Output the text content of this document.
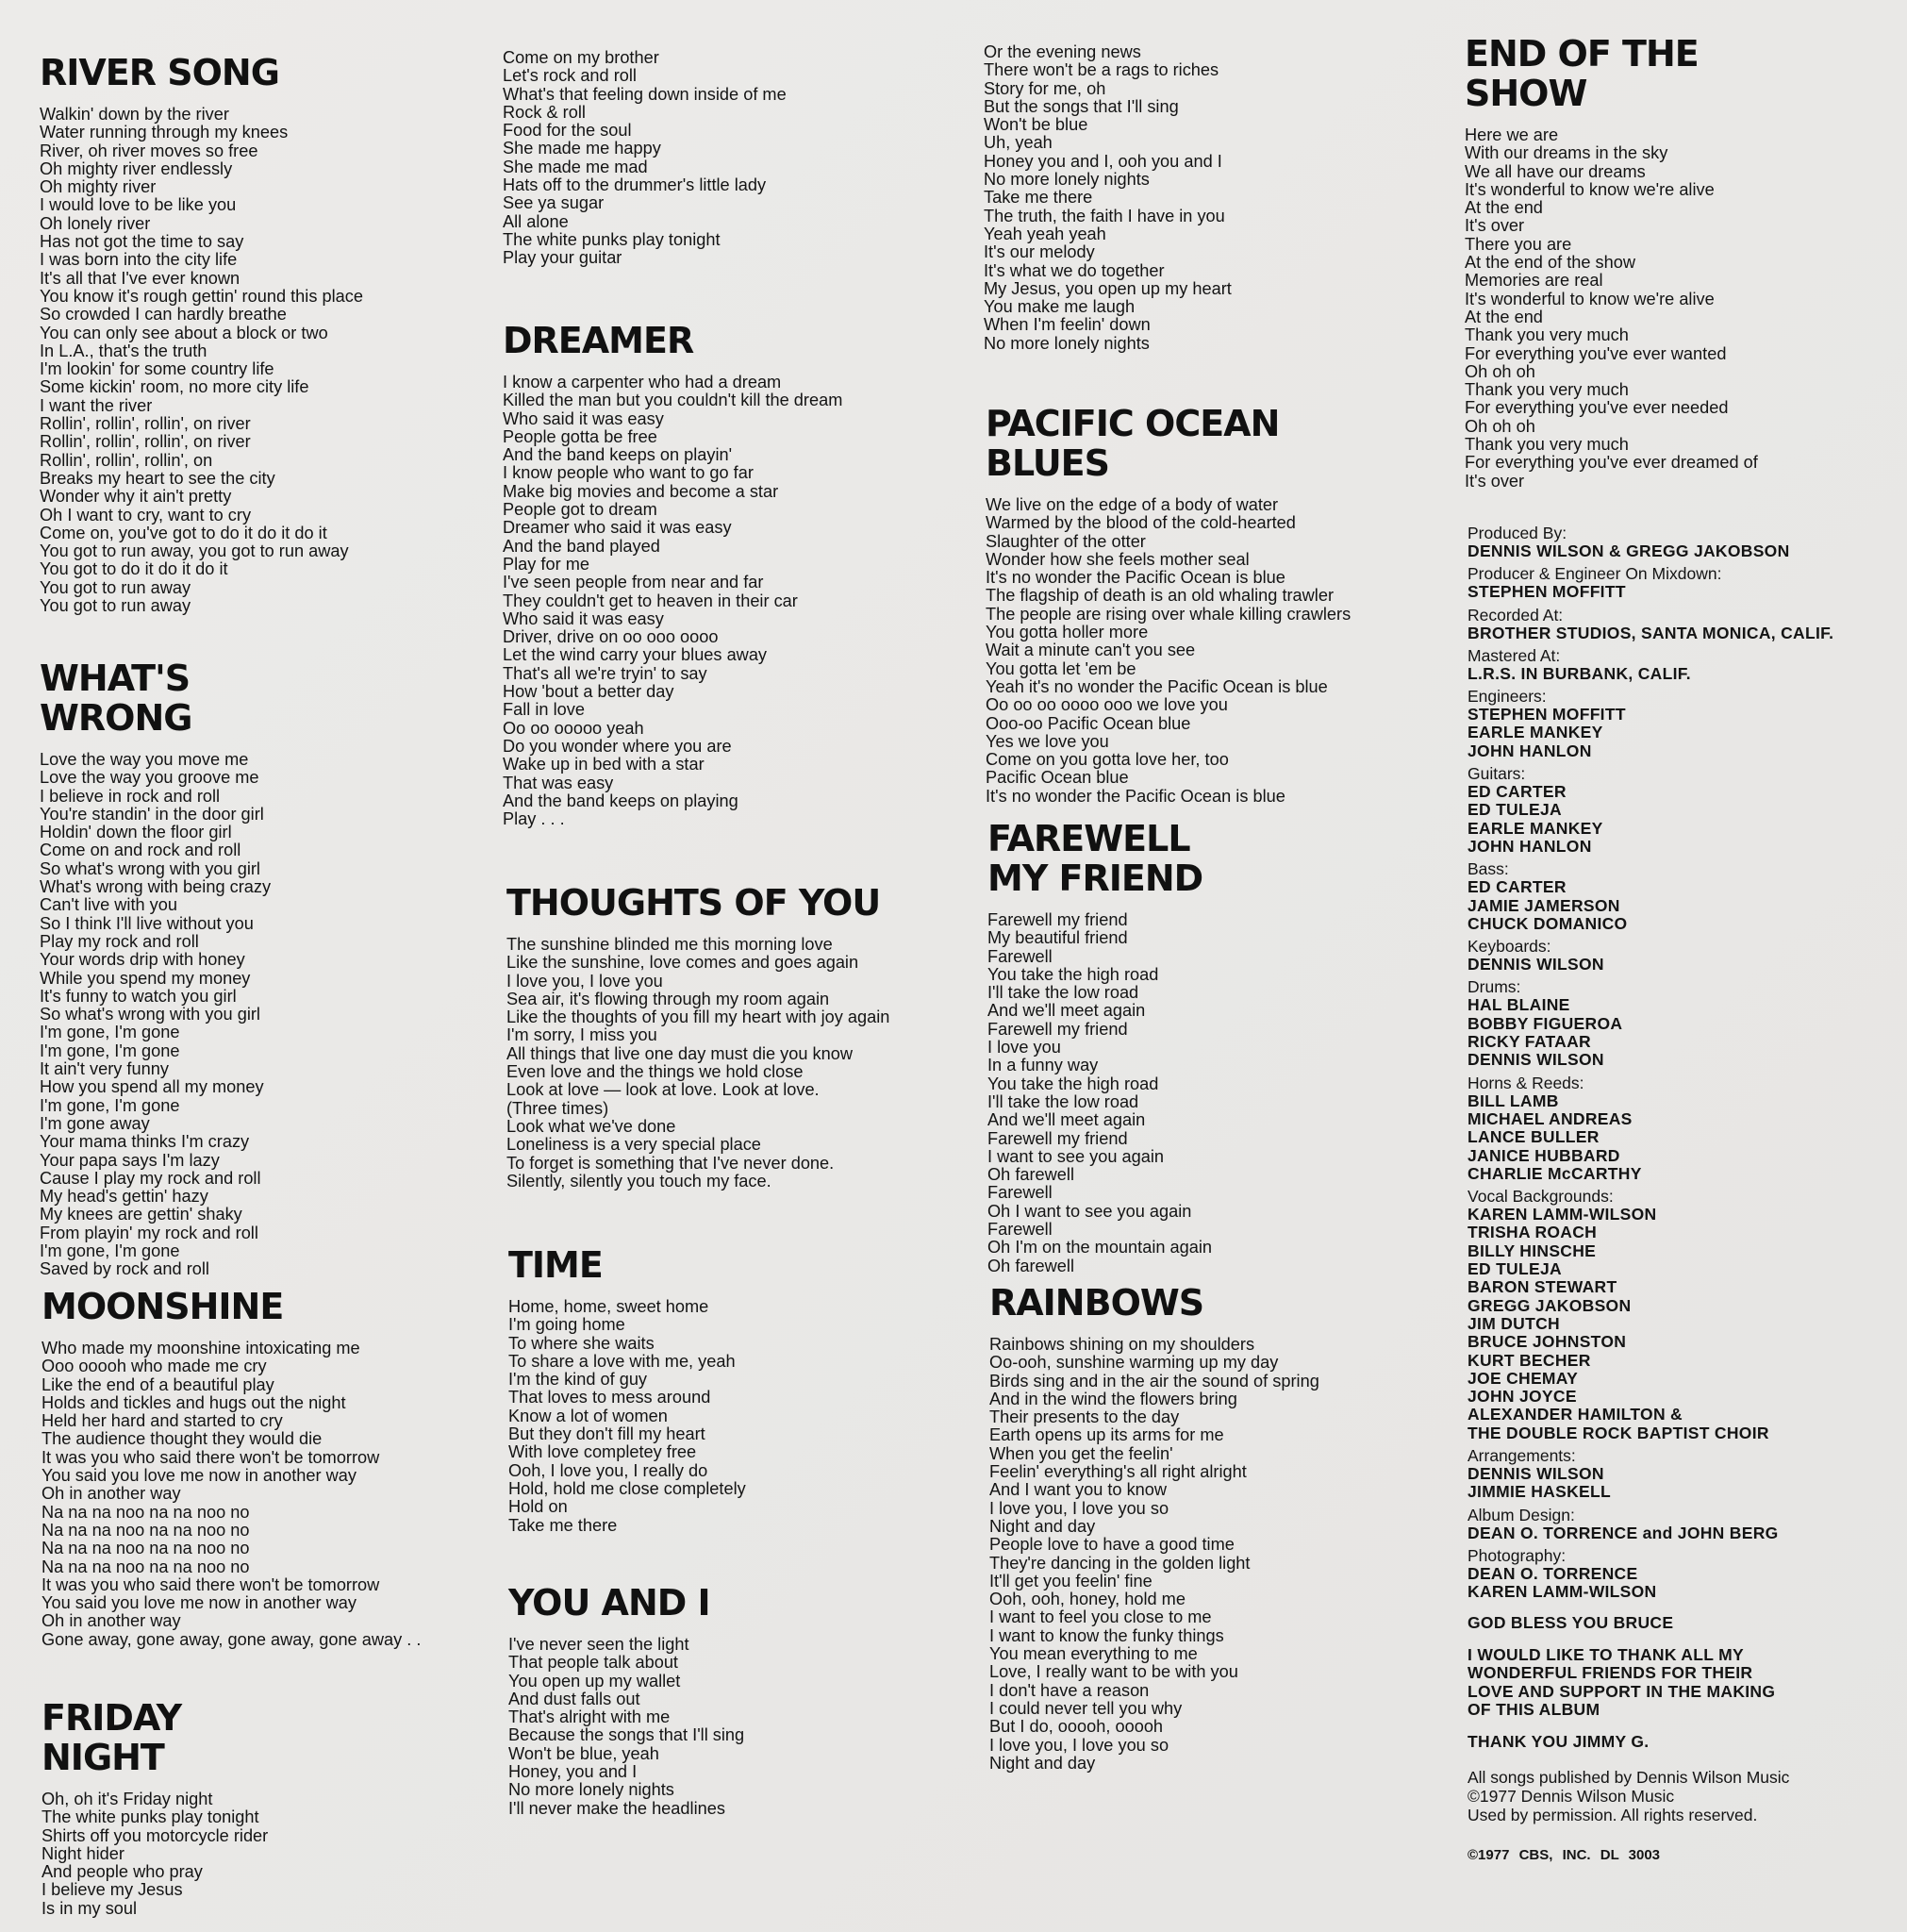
RIVER SONG
Walkin' down by the river
Water running through my knees
River, oh river moves so free
Oh mighty river endlessly
Oh mighty river
I would love to be like you
Oh lonely river
Has not got the time to say
I was born into the city life
It's all that I've ever known
You know it's rough gettin' round this place
So crowded I can hardly breathe
You can only see about a block or two
In L.A., that's the truth
I'm lookin' for some country life
Some kickin' room, no more city life
I want the river
Rollin', rollin', rollin', on river
Rollin', rollin', rollin', on river
Rollin', rollin', rollin', on
Breaks my heart to see the city
Wonder why it ain't pretty
Oh I want to cry, want to cry
Come on, you've got to do it do it do it
You got to run away, you got to run away
You got to do it do it do it
You got to run away
You got to run away
WHAT'S WRONG
Love the way you move me
Love the way you groove me
I believe in rock and roll
You're standin' in the door girl
Holdin' down the floor girl
Come on and rock and roll
So what's wrong with you girl
What's wrong with being crazy
Can't live with you
So I think I'll live without you
Play my rock and roll
Your words drip with honey
While you spend my money
It's funny to watch you girl
So what's wrong with you girl
I'm gone, I'm gone
I'm gone, I'm gone
It ain't very funny
How you spend all my money
I'm gone, I'm gone
I'm gone away
Your mama thinks I'm crazy
Your papa says I'm lazy
Cause I play my rock and roll
My head's gettin' hazy
My knees are gettin' shaky
From playin' my rock and roll
I'm gone, I'm gone
Saved by rock and roll
MOONSHINE
Who made my moonshine intoxicating me
Ooo ooooh who made me cry
Like the end of a beautiful play
Holds and tickles and hugs out the night
Held her hard and started to cry
The audience thought they would die
It was you who said there won't be tomorrow
You said you love me now in another way
Oh in another way
Na na na noo na na noo no
Na na na noo na na noo no
Na na na noo na na noo no
Na na na noo na na noo no
It was you who said there won't be tomorrow
You said you love me now in another way
Oh in another way
Gone away, gone away, gone away, gone away . .
FRIDAY NIGHT
Oh, oh it's Friday night
The white punks play tonight
Shirts off you motorcycle rider
Night hider
And people who pray
I believe my Jesus
Is in my soul
Come on my brother
Let's rock and roll
What's that feeling down inside of me
Rock & roll
Food for the soul
She made me happy
She made me mad
Hats off to the drummer's little lady
See ya sugar
All alone
The white punks play tonight
Play your guitar
DREAMER
I know a carpenter who had a dream
Killed the man but you couldn't kill the dream
Who said it was easy
People gotta be free
And the band keeps on playin'
I know people who want to go far
Make big movies and become a star
People got to dream
Dreamer who said it was easy
And the band played
Play for me
I've seen people from near and far
They couldn't get to heaven in their car
Who said it was easy
Driver, drive on oo ooo oooo
Let the wind carry your blues away
That's all we're tryin' to say
How 'bout a better day
Fall in love
Oo oo ooooo yeah
Do you wonder where you are
Wake up in bed with a star
That was easy
And the band keeps on playing
Play . . .
THOUGHTS OF YOU
The sunshine blinded me this morning love
Like the sunshine, love comes and goes again
I love you, I love you
Sea air, it's flowing through my room again
Like the thoughts of you fill my heart with joy again
I'm sorry, I miss you
All things that live one day must die you know
Even love and the things we hold close
Look at love — look at love. Look at love.
(Three times)
Look what we've done
Loneliness is a very special place
To forget is something that I've never done.
Silently, silently you touch my face.
TIME
Home, home, sweet home
I'm going home
To where she waits
To share a love with me, yeah
I'm the kind of guy
That loves to mess around
Know a lot of women
But they don't fill my heart
With love completey free
Ooh, I love you, I really do
Hold, hold me close completely
Hold on
Take me there
YOU AND I
I've never seen the light
That people talk about
You open up my wallet
And dust falls out
That's alright with me
Because the songs that I'll sing
Won't be blue, yeah
Honey, you and I
No more lonely nights
I'll never make the headlines
Or the evening news
There won't be a rags to riches
Story for me, oh
But the songs that I'll sing
Won't be blue
Uh, yeah
Honey you and I, ooh you and I
No more lonely nights
Take me there
The truth, the faith I have in you
Yeah yeah yeah
It's our melody
It's what we do together
My Jesus, you open up my heart
You make me laugh
When I'm feelin' down
No more lonely nights
PACIFIC OCEAN BLUES
We live on the edge of a body of water
Warmed by the blood of the cold-hearted
Slaughter of the otter
Wonder how she feels mother seal
It's no wonder the Pacific Ocean is blue
The flagship of death is an old whaling trawler
The people are rising over whale killing crawlers
You gotta holler more
Wait a minute can't you see
You gotta let 'em be
Yeah it's no wonder the Pacific Ocean is blue
Oo oo oo oooo ooo we love you
Ooo-oo Pacific Ocean blue
Yes we love you
Come on you gotta love her, too
Pacific Ocean blue
It's no wonder the Pacific Ocean is blue
FAREWELL MY FRIEND
Farewell my friend
My beautiful friend
Farewell
You take the high road
I'll take the low road
And we'll meet again
Farewell my friend
I love you
In a funny way
You take the high road
I'll take the low road
And we'll meet again
Farewell my friend
I want to see you again
Oh farewell
Farewell
Oh I want to see you again
Farewell
Oh I'm on the mountain again
Oh farewell
RAINBOWS
Rainbows shining on my shoulders
Oo-ooh, sunshine warming up my day
Birds sing and in the air the sound of spring
And in the wind the flowers bring
Their presents to the day
Earth opens up its arms for me
When you get the feelin'
Feelin' everything's all right alright
And I want you to know
I love you, I love you so
Night and day
People love to have a good time
They're dancing in the golden light
It'll get you feelin' fine
Ooh, ooh, honey, hold me
I want to feel you close to me
I want to know the funky things
You mean everything to me
Love, I really want to be with you
I don't have a reason
I could never tell you why
But I do, ooooh, ooooh
I love you, I love you so
Night and day
END OF THE SHOW
Here we are
With our dreams in the sky
We all have our dreams
It's wonderful to know we're alive
At the end
It's over
There you are
At the end of the show
Memories are real
It's wonderful to know we're alive
At the end
Thank you very much
For everything you've ever wanted
Oh oh oh
Thank you very much
For everything you've ever needed
Oh oh oh
Thank you very much
For everything you've ever dreamed of
It's over
Produced By:
DENNIS WILSON & GREGG JAKOBSON
Producer & Engineer On Mixdown:
STEPHEN MOFFITT
Recorded At:
BROTHER STUDIOS, SANTA MONICA, CALIF.
Mastered At:
L.R.S. IN BURBANK, CALIF.
Engineers:
STEPHEN MOFFITT
EARLE MANKEY
JOHN HANLON
Guitars:
ED CARTER
ED TULEJA
EARLE MANKEY
JOHN HANLON
Bass:
ED CARTER
JAMIE JAMERSON
CHUCK DOMANICO
Keyboards:
DENNIS WILSON
Drums:
HAL BLAINE
BOBBY FIGUEROA
RICKY FATAAR
DENNIS WILSON
Horns & Reeds:
BILL LAMB
MICHAEL ANDREAS
LANCE BULLER
JANICE HUBBARD
CHARLIE McCARTHY
Vocal Backgrounds:
KAREN LAMM-WILSON
TRISHA ROACH
BILLY HINSCHE
ED TULEJA
BARON STEWART
GREGG JAKOBSON
JIM DUTCH
BRUCE JOHNSTON
KURT BECHER
JOE CHEMAY
JOHN JOYCE
ALEXANDER HAMILTON &
THE DOUBLE ROCK BAPTIST CHOIR
Arrangements:
DENNIS WILSON
JIMMIE HASKELL
Album Design:
DEAN O. TORRENCE and JOHN BERG
Photography:
DEAN O. TORRENCE
KAREN LAMM-WILSON
GOD BLESS YOU BRUCE
I WOULD LIKE TO THANK ALL MY WONDERFUL FRIENDS FOR THEIR LOVE AND SUPPORT IN THE MAKING OF THIS ALBUM
THANK YOU JIMMY G.
All songs published by Dennis Wilson Music
©1977 Dennis Wilson Music
Used by permission. All rights reserved.
©1977 CBS, INC. DL 3003
